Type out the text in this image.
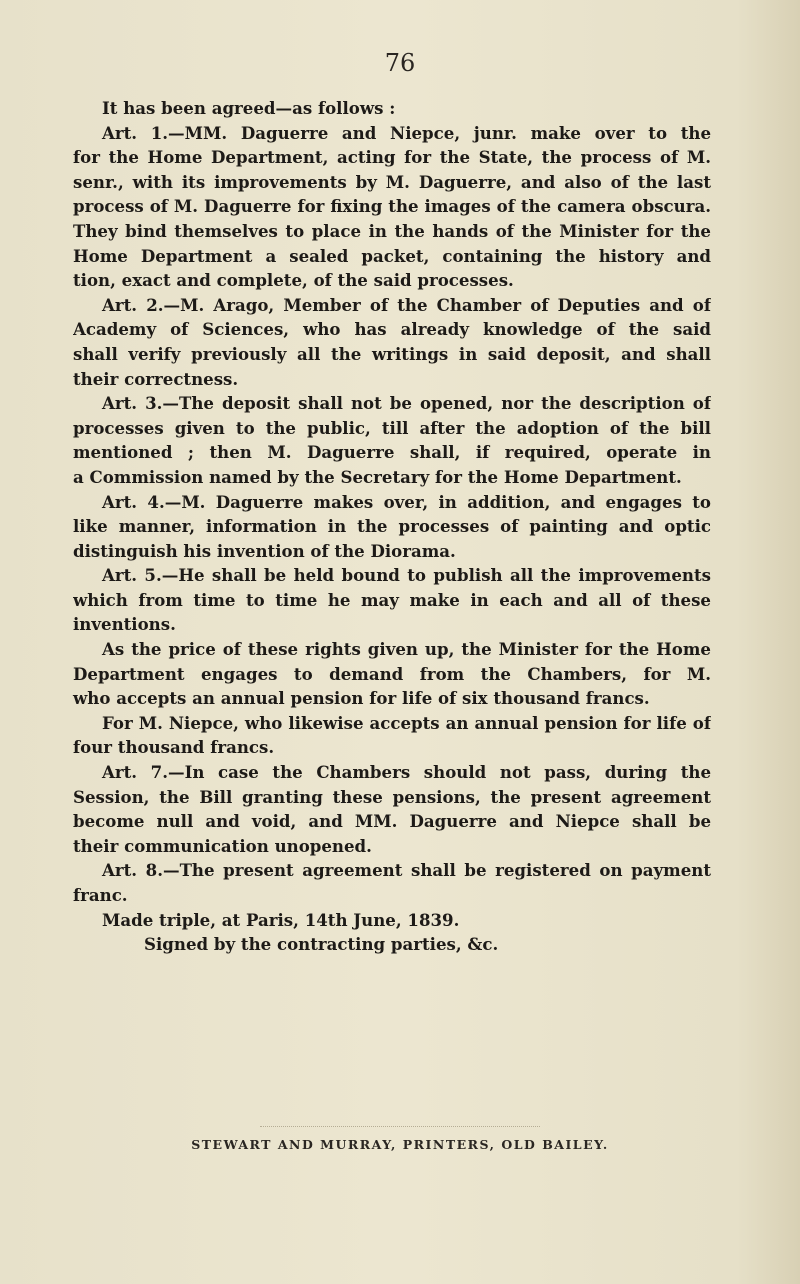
76
It has been agreed—as follows :
Art. 1.—MM. Daguerre and Niepce, junr. make over to the
for the Home Department, acting for the State, the process of M.
senr., with its improvements by M. Daguerre, and also of the last
process of M. Daguerre for fixing the images of the camera obscura.
They bind themselves to place in the hands of the Minister for the
Home Department a sealed packet, containing the history and
tion, exact and complete, of the said processes.
Art. 2.—M. Arago, Member of the Chamber of Deputies and of
Academy of Sciences, who has already knowledge of the said
shall verify previously all the writings in said deposit, and shall
their correctness.
Art. 3.—The deposit shall not be opened, nor the description of
processes given to the public, till after the adoption of the bill
mentioned ; then M. Daguerre shall, if required, operate in
a Commission named by the Secretary for the Home Department.
Art. 4.—M. Daguerre makes over, in addition, and engages to
like manner, information in the processes of painting and optic
distinguish his invention of the Diorama.
Art. 5.—He shall be held bound to publish all the improvements
which from time to time he may make in each and all of these
inventions.
As the price of these rights given up, the Minister for the Home
Department engages to demand from the Chambers, for M.
who accepts an annual pension for life of six thousand francs.
For M. Niepce, who likewise accepts an annual pension for life of
four thousand francs.
Art. 7.—In case the Chambers should not pass, during the
Session, the Bill granting these pensions, the present agreement
become null and void, and MM. Daguerre and Niepce shall be
their communication unopened.
Art. 8.—The present agreement shall be registered on payment
franc.
Made triple, at Paris, 14th June, 1839.
Signed by the contracting parties, &c.
STEWART AND MURRAY, PRINTERS, OLD BAILEY.
